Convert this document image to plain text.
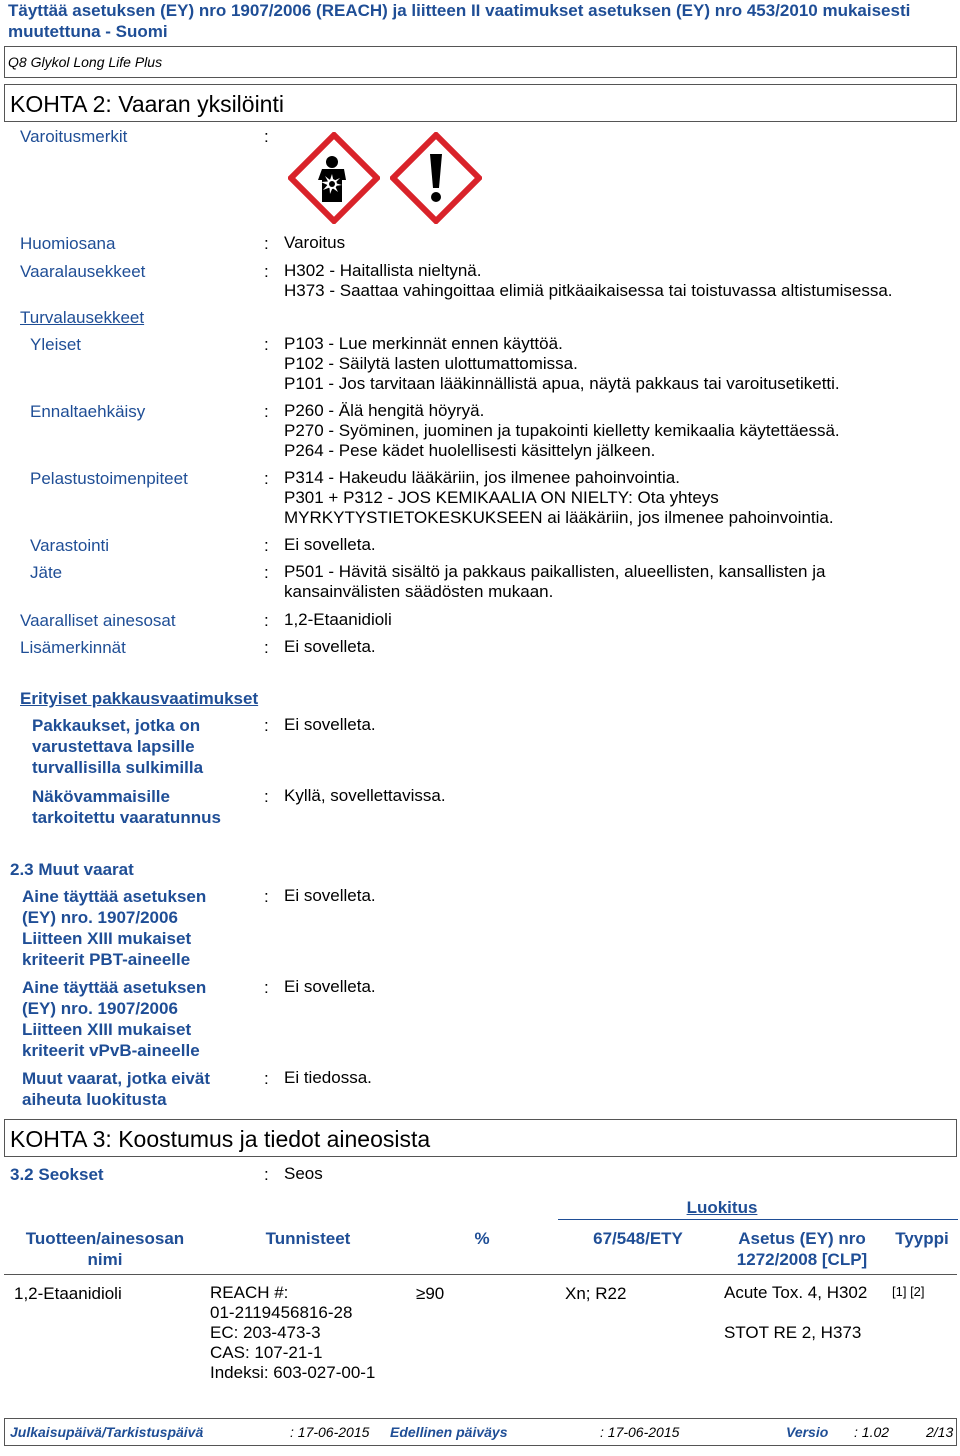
Täyttää asetuksen (EY) nro 1907/2006 (REACH) ja liitteen II vaatimukset asetuksen (EY) nro 453/2010 mukaisesti muutettuna - Suomi
Q8 Glykol Long Life Plus
KOHTA 2: Vaaran yksilöinti
Varoitusmerkit	:
Huomiosana	: Varoitus
Vaaralausekkeet	: H302 - Haitallista nieltynä.
H373 - Saattaa vahingoittaa elimiä pitkäaikaisessa tai toistuvassa altistumisessa.
Turvalausekkeet
Yleiset	: P103 - Lue merkinnät ennen käyttöä.
P102 - Säilytä lasten ulottumattomissa.
P101 - Jos tarvitaan lääkinnällistä apua, näytä pakkaus tai varoitusetiketti.
Ennaltaehkäisy	: P260 - Älä hengitä höyryä.
P270 - Syöminen, juominen ja tupakointi kielletty kemikaalia käytettäessä.
P264 - Pese kädet huolellisesti käsittelyn jälkeen.
Pelastustoimenpiteet	: P314 - Hakeudu lääkäriin, jos ilmenee pahoinvointia.
P301 + P312 - JOS KEMIKAALIA ON NIELTY: Ota yhteys
MYRKYTYSTIETOKESKUKSEEN ai lääkäriin, jos ilmenee pahoinvointia.
Varastointi	: Ei sovelleta.
Jäte	: P501 - Hävitä sisältö ja pakkaus paikallisten, alueellisten, kansallisten ja
kansainvälisten säädösten mukaan.
Vaaralliset ainesosat	: 1,2-Etaanidioli
Lisämerkinnät	: Ei sovelleta.
Erityiset pakkausvaatimukset
Pakkaukset, jotka on
varustettava lapsille
turvallisilla sulkimilla
: Ei sovelleta.
Näkövammaisille
tarkoitettu vaaratunnus
: Kyllä, sovellettavissa.
2.3 Muut vaarat
Aine täyttää asetuksen
(EY) nro. 1907/2006
Liitteen XIII mukaiset
kriteerit PBT-aineelle
: Ei sovelleta.
Aine täyttää asetuksen
(EY) nro. 1907/2006
Liitteen XIII mukaiset
kriteerit vPvB-aineelle
: Ei sovelleta.
Muut vaarat, jotka eivät
aiheuta luokitusta
: Ei tiedossa.
KOHTA 3: Koostumus ja tiedot aineosista
3.2 Seokset	: Seos
Luokitus
Tuotteen/ainesosan
nimi
Tunnisteet	%	67/548/ETY	Asetus (EY) nro
1272/2008 [CLP]
Tyyppi
1,2-Etaanidioli	REACH #:
01-2119456816-28
EC: 203-473-3
CAS: 107-21-1
Indeksi: 603-027-00-1
≥90	Xn; R22	Acute Tox. 4, H302
STOT RE 2, H373
[1] [2]
Julkaisupäivä/Tarkistuspäivä	: 17-06-2015 Edellinen päiväys	: 17-06-2015	Versio : 1.02	2/13
